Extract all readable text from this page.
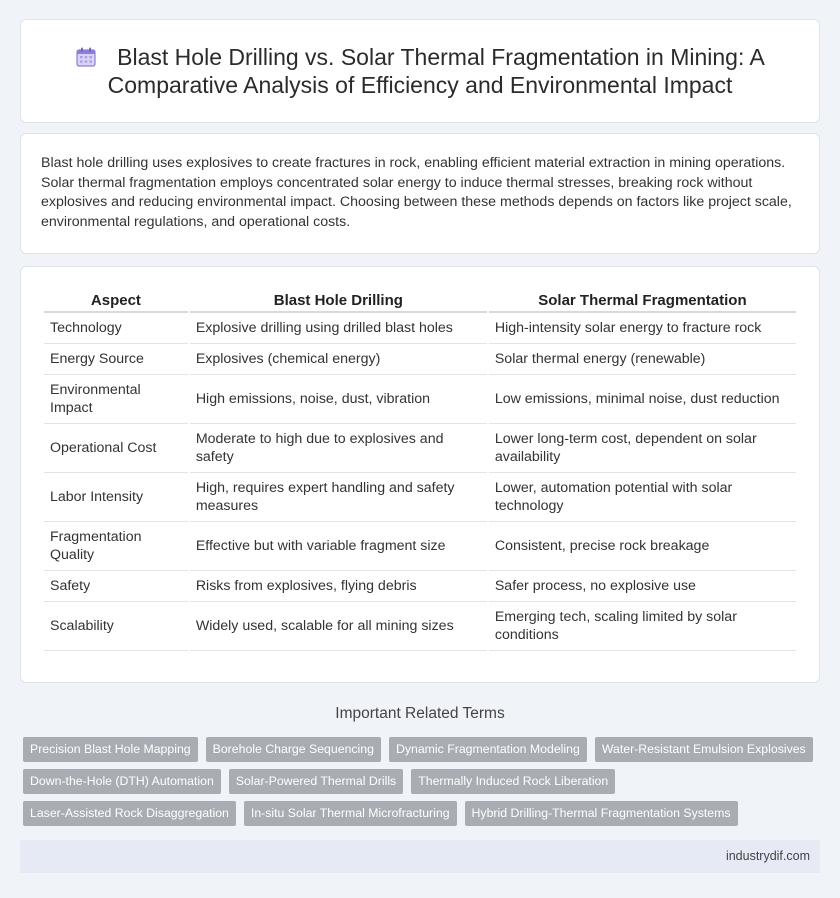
Blast Hole Drilling vs. Solar Thermal Fragmentation in Mining: A Comparative Analysis of Efficiency and Environmental Impact

Blast hole drilling uses explosives to create fractures in rock, enabling efficient material extraction in mining operations. Solar thermal fragmentation employs concentrated solar energy to induce thermal stresses, breaking rock without explosives and reducing environmental impact. Choosing between these methods depends on factors like project scale, environmental regulations, and operational costs.

Aspect	Blast Hole Drilling	Solar Thermal Fragmentation
Technology	Explosive drilling using drilled blast holes	High-intensity solar energy to fracture rock
Energy Source	Explosives (chemical energy)	Solar thermal energy (renewable)
Environmental Impact	High emissions, noise, dust, vibration	Low emissions, minimal noise, dust reduction
Operational Cost	Moderate to high due to explosives and safety	Lower long-term cost, dependent on solar availability
Labor Intensity	High, requires expert handling and safety measures	Lower, automation potential with solar technology
Fragmentation Quality	Effective but with variable fragment size	Consistent, precise rock breakage
Safety	Risks from explosives, flying debris	Safer process, no explosive use
Scalability	Widely used, scalable for all mining sizes	Emerging tech, scaling limited by solar conditions
Important Related Terms
Precision Blast Hole Mapping	Borehole Charge Sequencing	Dynamic Fragmentation Modeling	Water-Resistant Emulsion Explosives
Down-the-Hole (DTH) Automation	Solar-Powered Thermal Drills	Thermally Induced Rock Liberation
Laser-Assisted Rock Disaggregation	In-situ Solar Thermal Microfracturing	Hybrid Drilling-Thermal Fragmentation Systems
industrydif.com
